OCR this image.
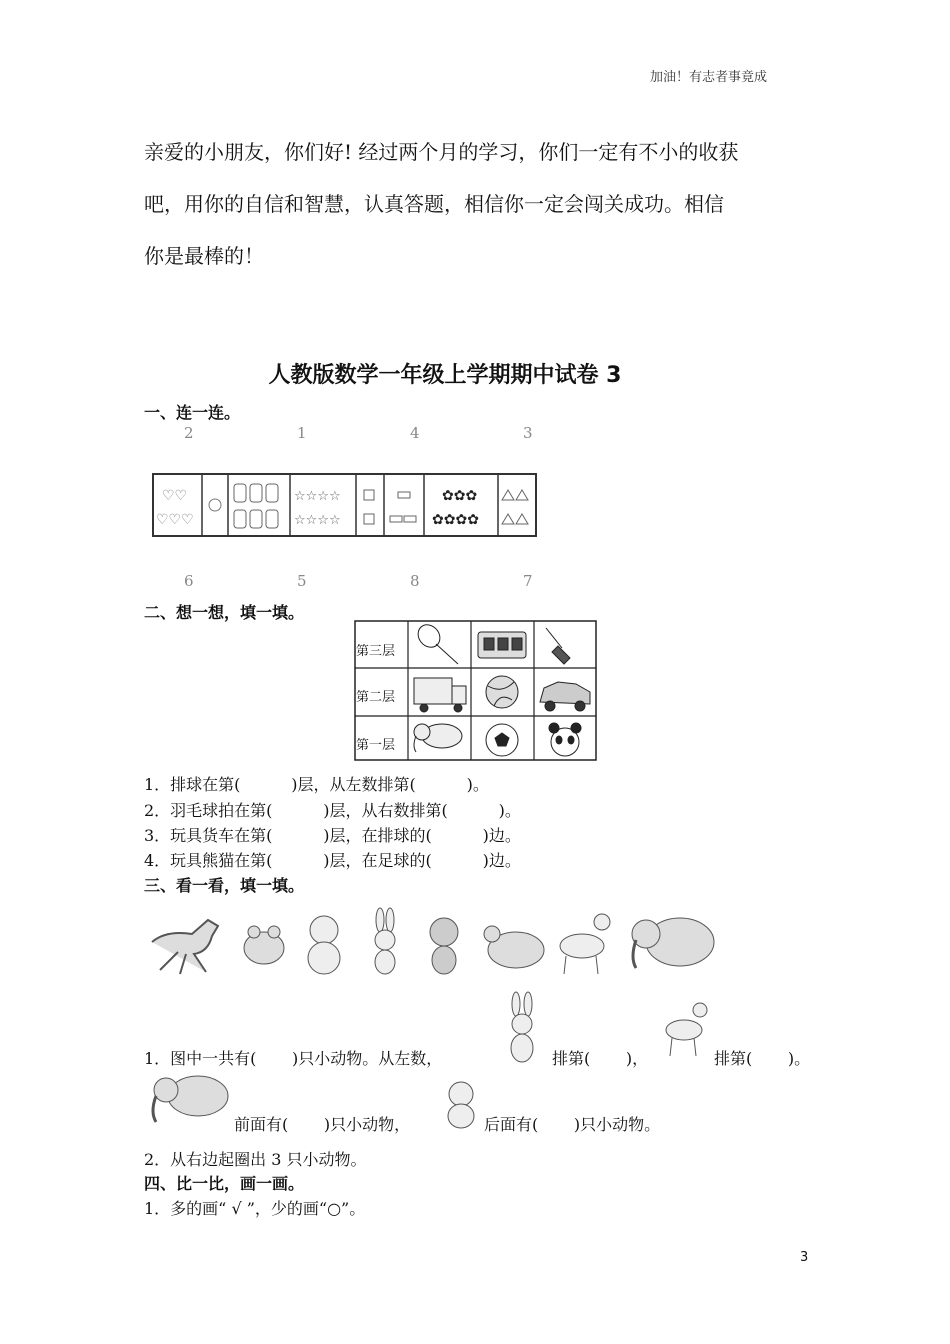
加油！有志者事竟成

亲爱的小朋友，你们好! 经过两个月的学习，你们一定有不小的收获

吧，用你的自信和智慧，认真答题，相信你一定会闯关成功。相信

你是最棒的！

人教版数学一年级上学期期中试卷 3
一、连一连。
2	1	4	3
♡♡
♡♡♡
☆☆☆☆
☆☆☆☆
✿✿✿
✿✿✿✿
6	5	8	7
二、想一想，填一填。
第三层
第二层
第一层
1．排球在第(          )层，从左数排第(          )。
2．羽毛球拍在第(          )层，从右数排第(          )。
3．玩具货车在第(          )层，在排球的(          )边。
4．玩具熊猫在第(          )层，在足球的(          )边。
三、看一看，填一填。
1．图中一共有(       )只小动物。从左数，	排第(       )，	排第(       )。
前面有(       )只小动物，	后面有(       )只小动物。
2．从右边起圈出 3 只小动物。
四、比一比，画一画。
1．多的画“ √ ”，少的画“○”。
3
